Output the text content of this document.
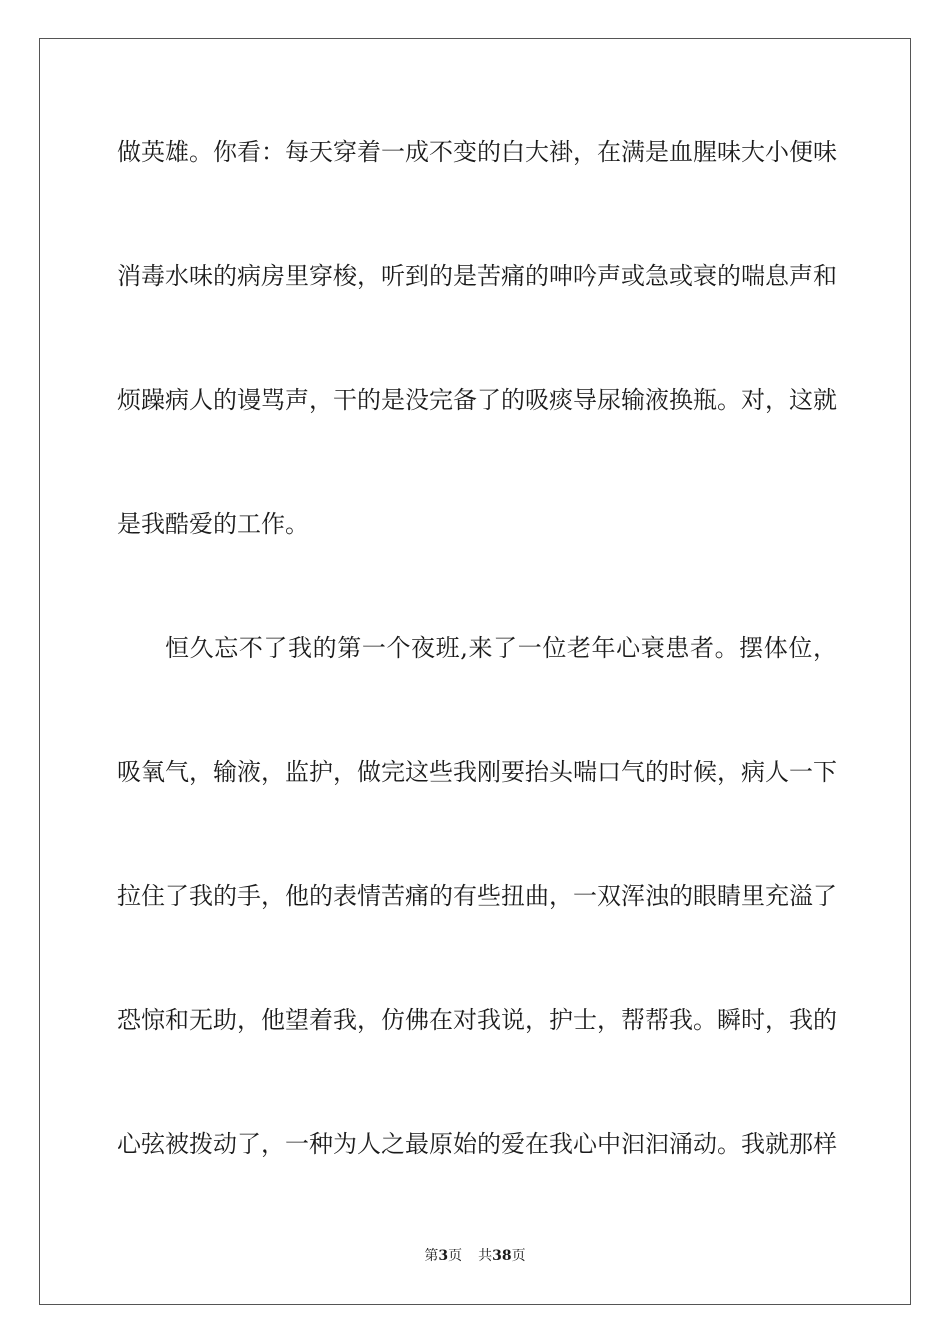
做英雄。你看：每天穿着一成不变的白大褂，在满是血腥味大小便味
消毒水味的病房里穿梭，听到的是苦痛的呻吟声或急或衰的喘息声和
烦躁病人的谩骂声，干的是没完备了的吸痰导尿输液换瓶。对，这就
是我酷爱的工作。
恒久忘不了我的第一个夜班,来了一位老年心衰患者。摆体位，
吸氧气，输液，监护，做完这些我刚要抬头喘口气的时候，病人一下
拉住了我的手，他的表情苦痛的有些扭曲，一双浑浊的眼睛里充溢了
恐惊和无助，他望着我，仿佛在对我说，护士，帮帮我。瞬时，我的
心弦被拨动了，一种为人之最原始的爱在我心中汩汩涌动。我就那样
第3页 共38页
